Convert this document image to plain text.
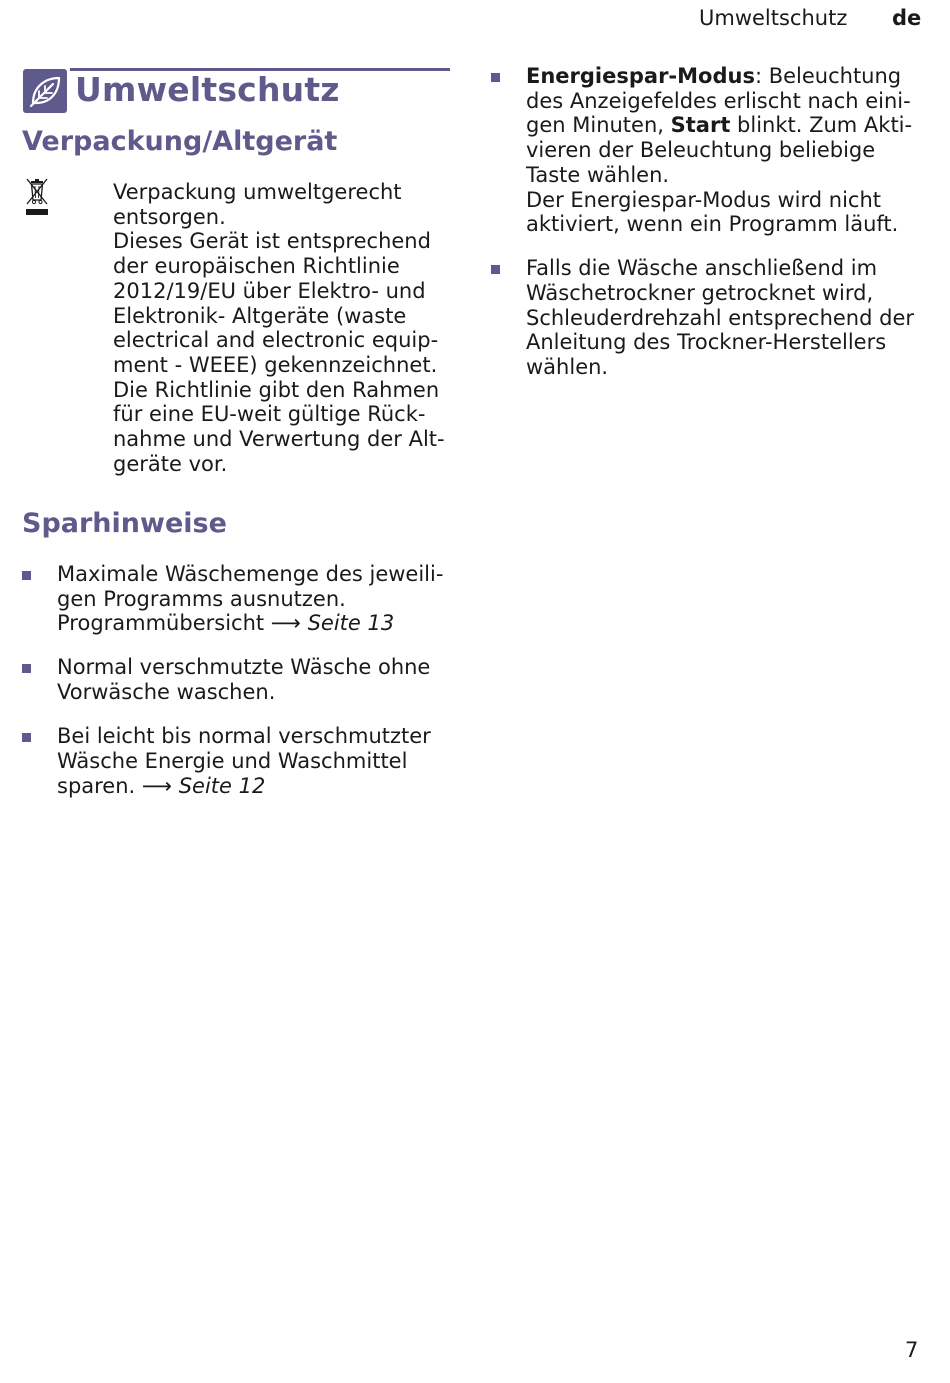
Umweltschutz de
Umweltschutz
Verpackung/Altgerät
Verpackung umweltgerecht
entsorgen.
Dieses Gerät ist entsprechend
der europäischen Richtlinie
2012/19/EU über Elektro- und
Elektronik- Altgeräte (waste
electrical and electronic equip-
ment - WEEE) gekennzeichnet.
Die Richtlinie gibt den Rahmen
für eine EU-weit gültige Rück-
nahme und Verwertung der Alt-
geräte vor.
Sparhinweise
Maximale Wäschemenge des jeweili-
gen Programms ausnutzen.
Programmübersicht ⟶ Seite 13
Normal verschmutzte Wäsche ohne
Vorwäsche waschen.
Bei leicht bis normal verschmutzter
Wäsche Energie und Waschmittel
sparen. ⟶ Seite 12
Energiespar-Modus: Beleuchtung
des Anzeigefeldes erlischt nach eini-
gen Minuten, Start blinkt. Zum Akti-
vieren der Beleuchtung beliebige
Taste wählen.
Der Energiespar-Modus wird nicht
aktiviert, wenn ein Programm läuft.
Falls die Wäsche anschließend im
Wäschetrockner getrocknet wird,
Schleuderdrehzahl entsprechend der
Anleitung des Trockner-Herstellers
wählen.
7
